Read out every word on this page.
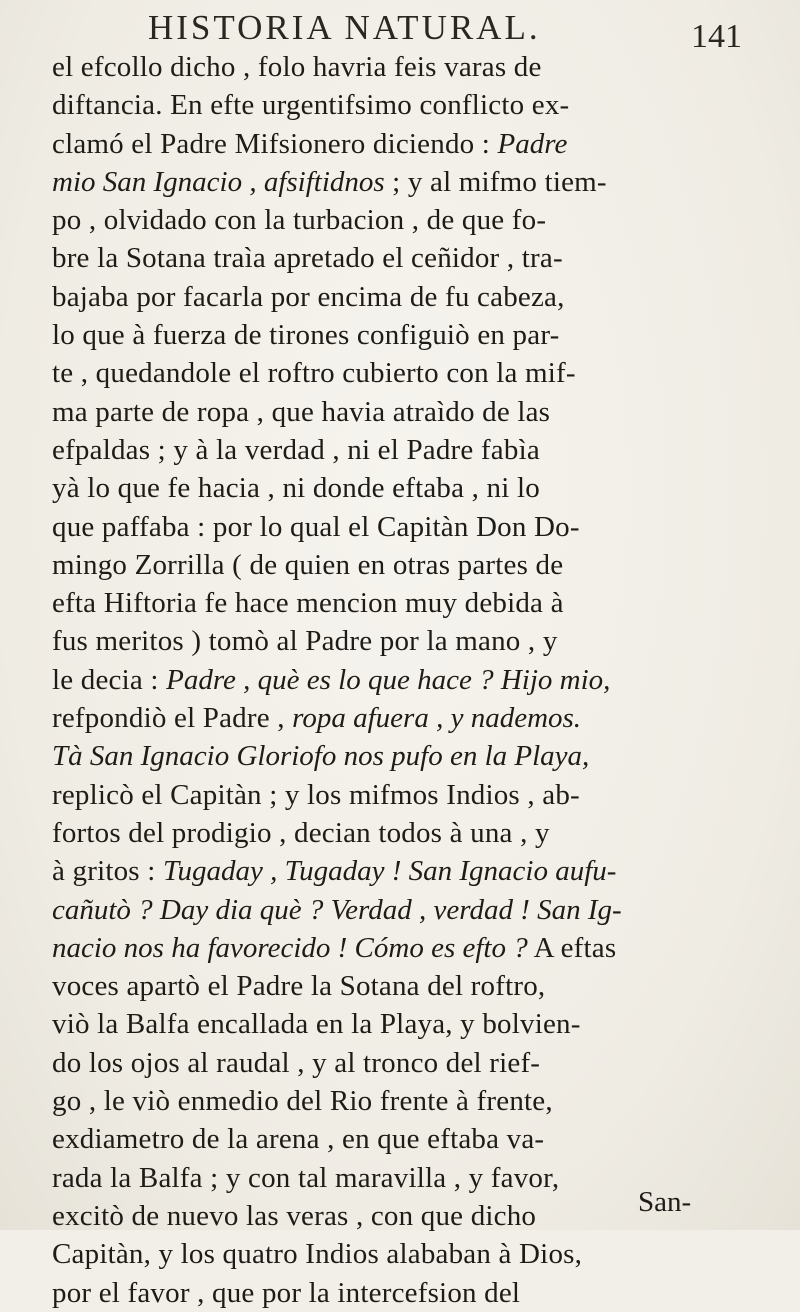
HISTORIA NATURAL.	141
el efcollo dicho , folo havria feis varas de
diftancia. En efte urgentifsimo conflicto ex-
clamó el Padre Mifsionero diciendo : Padre
mio San Ignacio , afsiftidnos ; y al mifmo tiem-
po , olvidado con la turbacion , de que fo-
bre la Sotana traìa apretado el ceñidor , tra-
bajaba por facarla por encima de fu cabeza,
lo que à fuerza de tirones configuiò en par-
te , quedandole el roftro cubierto con la mif-
ma parte de ropa , que havia atraìdo de las
efpaldas ; y à la verdad , ni el Padre fabìa
yà lo que fe hacia , ni donde eftaba , ni lo
que paffaba : por lo qual el Capitàn Don Do-
mingo Zorrilla ( de quien en otras partes de
efta Hiftoria fe hace mencion muy debida à
fus meritos ) tomò al Padre por la mano , y
le decia : Padre , què es lo que hace ? Hijo mio,
refpondiò el Padre , ropa afuera , y nademos.
Tà San Ignacio Gloriofo nos pufo en la Playa,
replicò el Capitàn ; y los mifmos Indios , ab-
fortos del prodigio , decian todos à una , y
à gritos : Tugaday , Tugaday ! San Ignacio aufu-
cañutò ? Day dia què ? Verdad , verdad ! San Ig-
nacio nos ha favorecido ! Cómo es efto ? A eftas
voces apartò el Padre la Sotana del roftro,
viò la Balfa encallada en la Playa, y bolvien-
do los ojos al raudal , y al tronco del rief-
go , le viò enmedio del Rio frente à frente,
exdiametro de la arena , en que eftaba va-
rada la Balfa ; y con tal maravilla , y favor,
excitò de nuevo las veras , con que dicho
Capitàn, y los quatro Indios alababan à Dios,
por el favor , que por la intercefsion del
San-
